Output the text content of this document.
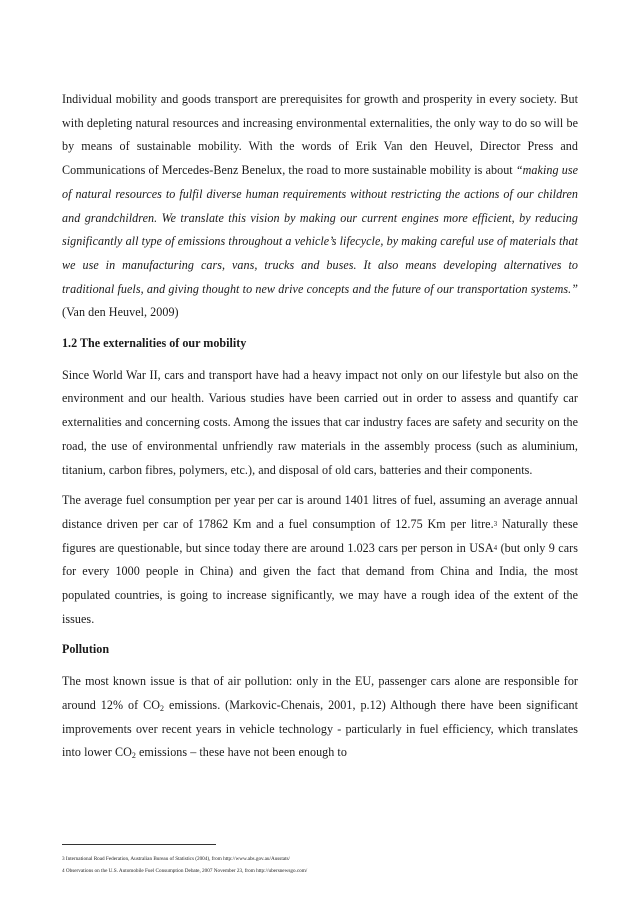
Individual mobility and goods transport are prerequisites for growth and prosperity in every society. But with depleting natural resources and increasing environmental externalities, the only way to do so will be by means of sustainable mobility. With the words of Erik Van den Heuvel, Director Press and Communications of Mercedes-Benz Benelux, the road to more sustainable mobility is about “making use of natural resources to fulfil diverse human requirements without restricting the actions of our children and grandchildren. We translate this vision by making our current engines more efficient, by reducing significantly all type of emissions throughout a vehicle’s lifecycle, by making careful use of materials that we use in manufacturing cars, vans, trucks and buses. It also means developing alternatives to traditional fuels, and giving thought to new drive concepts and the future of our transportation systems.” (Van den Heuvel, 2009)

1.2 The externalities of our mobility

Since World War II, cars and transport have had a heavy impact not only on our lifestyle but also on the environment and our health. Various studies have been carried out in order to assess and quantify car externalities and concerning costs. Among the issues that car industry faces are safety and security on the road, the use of environmental unfriendly raw materials in the assembly process (such as aluminium, titanium, carbon fibres, polymers, etc.), and disposal of old cars, batteries and their components.

The average fuel consumption per year per car is around 1401 litres of fuel, assuming an average annual distance driven per car of 17862 Km and a fuel consumption of 12.75 Km per litre.$^3$ Naturally these figures are questionable, but since today there are around 1.023 cars per person in USA$^4$ (but only 9 cars for every 1000 people in China) and given the fact that demand from China and India, the most populated countries, is going to increase significantly, we may have a rough idea of the extent of the issues.

Pollution

The most known issue is that of air pollution: only in the EU, passenger cars alone are responsible for around 12% of $CO_2$ emissions. (Markovic-Chenais, 2001, p.12) Although there have been significant improvements over recent years in vehicle technology - particularly in fuel efficiency, which translates into lower $CO_2$ emissions – these have not been enough to

3 International Road Federation, Australian Bureau of Statistics (2004), from http://www.abs.gov.au/Ausstats/
4 Observations on the U.S. Automobile Fuel Consumption Debate, 2007 November 23, from http://ubersnewsgo.com/
